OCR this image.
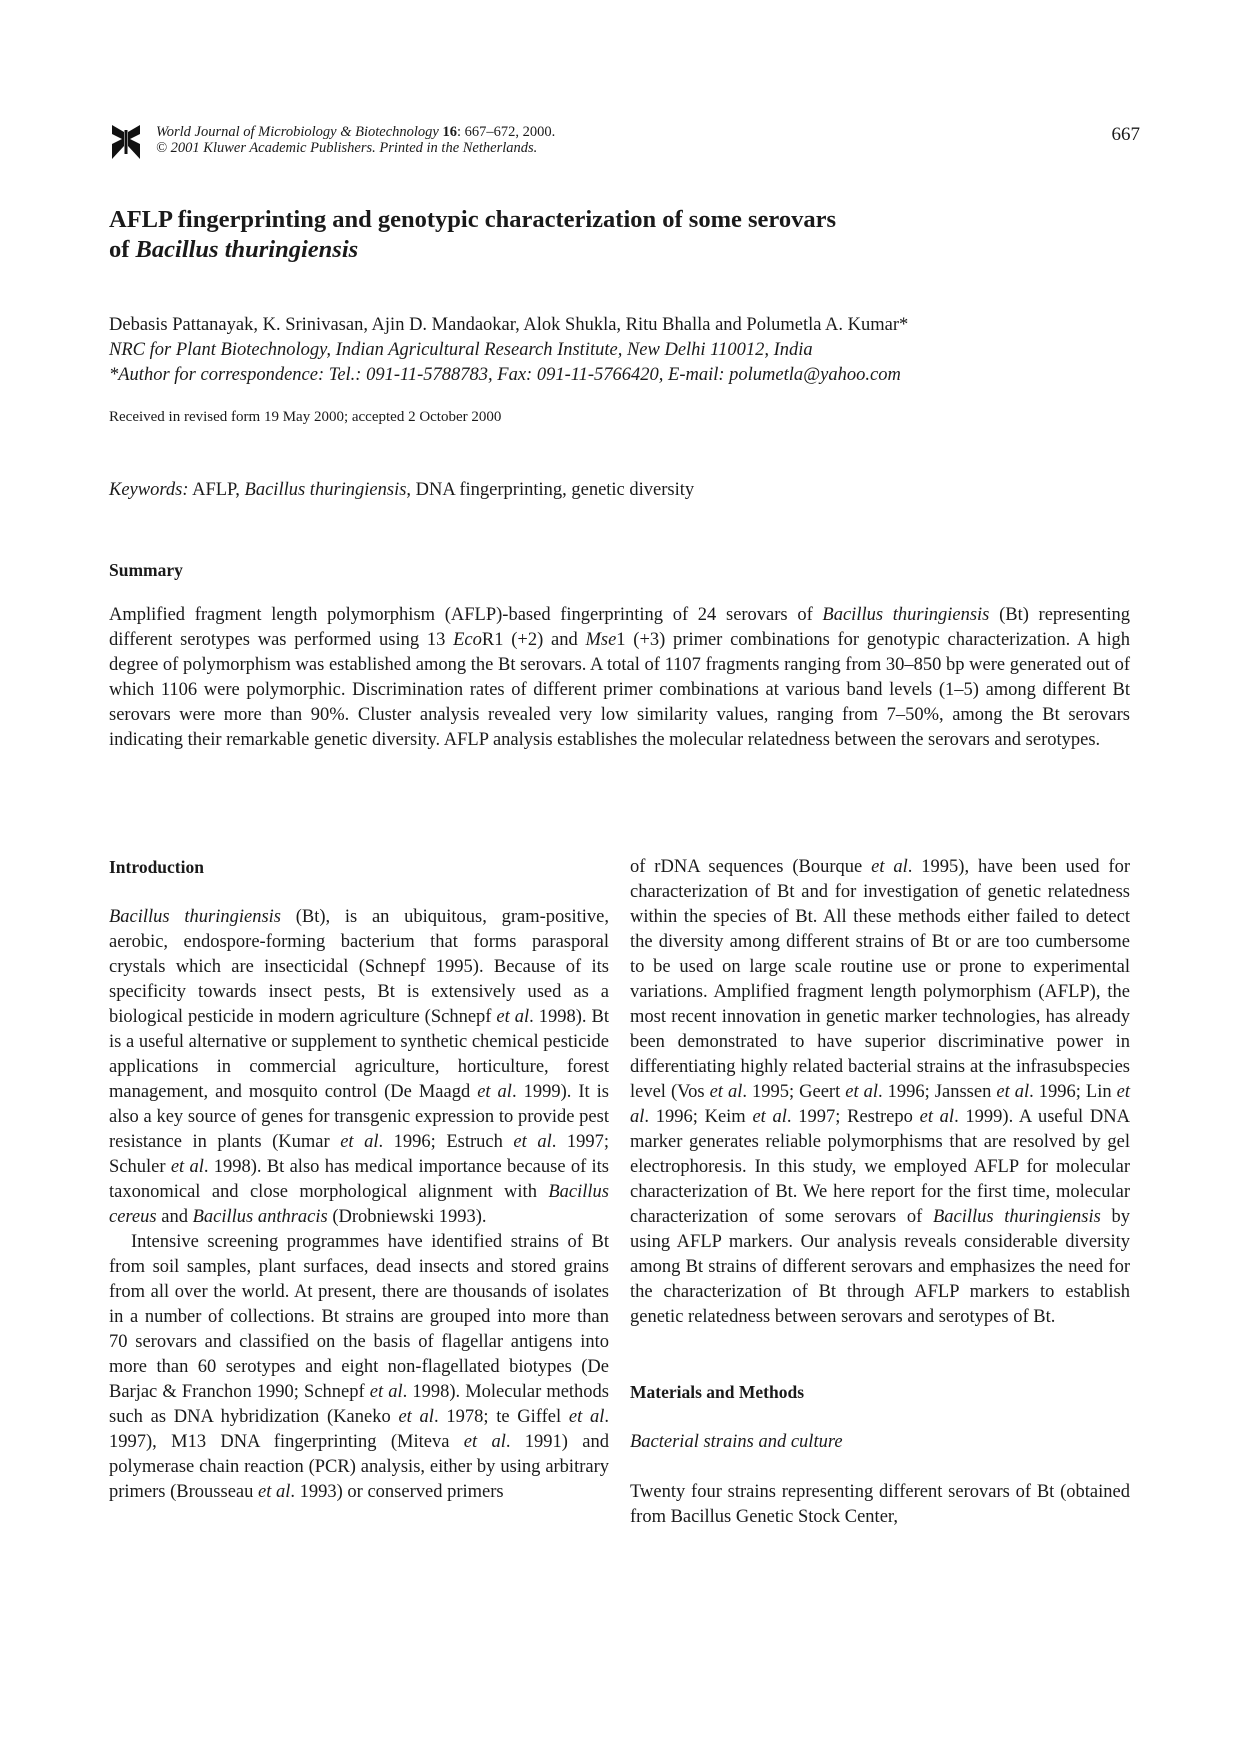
World Journal of Microbiology & Biotechnology 16: 667–672, 2000.
© 2001 Kluwer Academic Publishers. Printed in the Netherlands.
667
AFLP fingerprinting and genotypic characterization of some serovars
of Bacillus thuringiensis
Debasis Pattanayak, K. Srinivasan, Ajin D. Mandaokar, Alok Shukla, Ritu Bhalla and Polumetla A. Kumar*
NRC for Plant Biotechnology, Indian Agricultural Research Institute, New Delhi 110012, India
*Author for correspondence: Tel.: 091-11-5788783, Fax: 091-11-5766420, E-mail: polumetla@yahoo.com
Received in revised form 19 May 2000; accepted 2 October 2000
Keywords: AFLP, Bacillus thuringiensis, DNA fingerprinting, genetic diversity
Summary

Amplified fragment length polymorphism (AFLP)-based fingerprinting of 24 serovars of Bacillus thuringiensis (Bt) representing different serotypes was performed using 13 EcoR1 (+2) and Mse1 (+3) primer combinations for genotypic characterization. A high degree of polymorphism was established among the Bt serovars. A total of 1107 fragments ranging from 30–850 bp were generated out of which 1106 were polymorphic. Discrimination rates of different primer combinations at various band levels (1–5) among different Bt serovars were more than 90%. Cluster analysis revealed very low similarity values, ranging from 7–50%, among the Bt serovars indicating their remarkable genetic diversity. AFLP analysis establishes the molecular relatedness between the serovars and serotypes.

Introduction

Bacillus thuringiensis (Bt), is an ubiquitous, gram-positive, aerobic, endospore-forming bacterium that forms parasporal crystals which are insecticidal (Schnepf 1995). Because of its specificity towards insect pests, Bt is extensively used as a biological pesticide in modern agriculture (Schnepf et al. 1998). Bt is a useful alternative or supplement to synthetic chemical pesticide applications in commercial agriculture, horticulture, forest management, and mosquito control (De Maagd et al. 1999). It is also a key source of genes for transgenic expression to provide pest resistance in plants (Kumar et al. 1996; Estruch et al. 1997; Schuler et al. 1998). Bt also has medical importance because of its taxonomical and close morphological alignment with Bacillus cereus and Bacillus anthracis (Drobniewski 1993).

Intensive screening programmes have identified strains of Bt from soil samples, plant surfaces, dead insects and stored grains from all over the world. At present, there are thousands of isolates in a number of collections. Bt strains are grouped into more than 70 serovars and classified on the basis of flagellar antigens into more than 60 serotypes and eight non-flagellated biotypes (De Barjac & Franchon 1990; Schnepf et al. 1998). Molecular methods such as DNA hybridization (Kaneko et al. 1978; te Giffel et al. 1997), M13 DNA fingerprinting (Miteva et al. 1991) and polymerase chain reaction (PCR) analysis, either by using arbitrary primers (Brousseau et al. 1993) or conserved primers

of rDNA sequences (Bourque et al. 1995), have been used for characterization of Bt and for investigation of genetic relatedness within the species of Bt. All these methods either failed to detect the diversity among different strains of Bt or are too cumbersome to be used on large scale routine use or prone to experimental variations. Amplified fragment length polymorphism (AFLP), the most recent innovation in genetic marker technologies, has already been demonstrated to have superior discriminative power in differentiating highly related bacterial strains at the infrasubspecies level (Vos et al. 1995; Geert et al. 1996; Janssen et al. 1996; Lin et al. 1996; Keim et al. 1997; Restrepo et al. 1999). A useful DNA marker generates reliable polymorphisms that are resolved by gel electrophoresis. In this study, we employed AFLP for molecular characterization of Bt. We here report for the first time, molecular characterization of some serovars of Bacillus thuringiensis by using AFLP markers. Our analysis reveals considerable diversity among Bt strains of different serovars and emphasizes the need for the characterization of Bt through AFLP markers to establish genetic relatedness between serovars and serotypes of Bt.

Materials and Methods
Bacterial strains and culture

Twenty four strains representing different serovars of Bt (obtained from Bacillus Genetic Stock Center,
